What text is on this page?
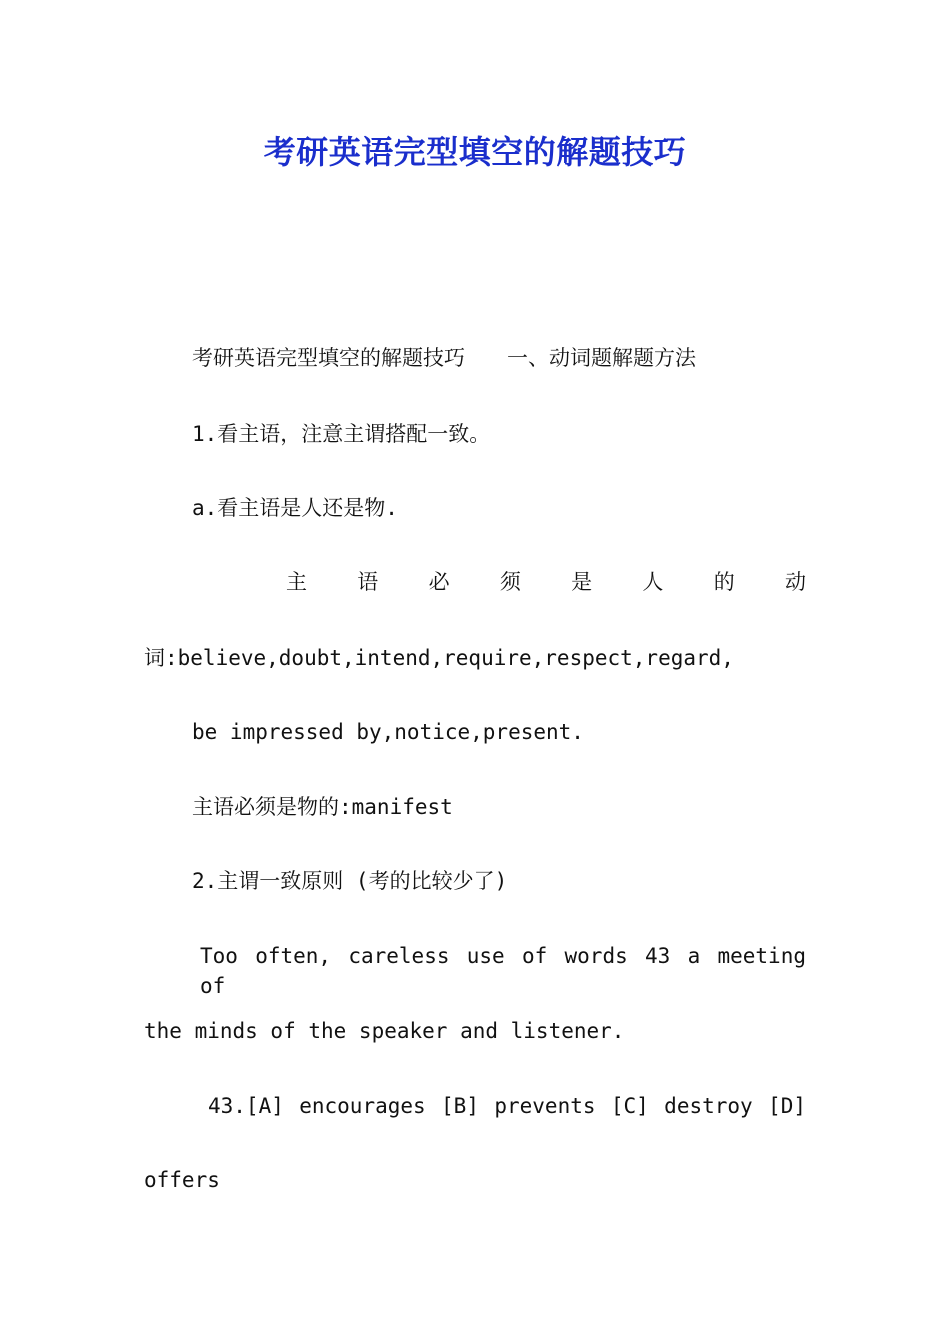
考研英语完型填空的解题技巧
考研英语完型填空的解题技巧　　一、动词题解题方法
1.看主语，注意主谓搭配一致。
a.看主语是人还是物.
主　语　必　须　是　人　的　动
词:believe,doubt,intend,require,respect,regard,
be impressed by,notice,present.
主语必须是物的:manifest
2.主谓一致原则 (考的比较少了)
Too often, careless use of words 43 a meeting of
the minds of the speaker and listener.
43.[A] encourages [B] prevents [C] destroy [D]
offers
